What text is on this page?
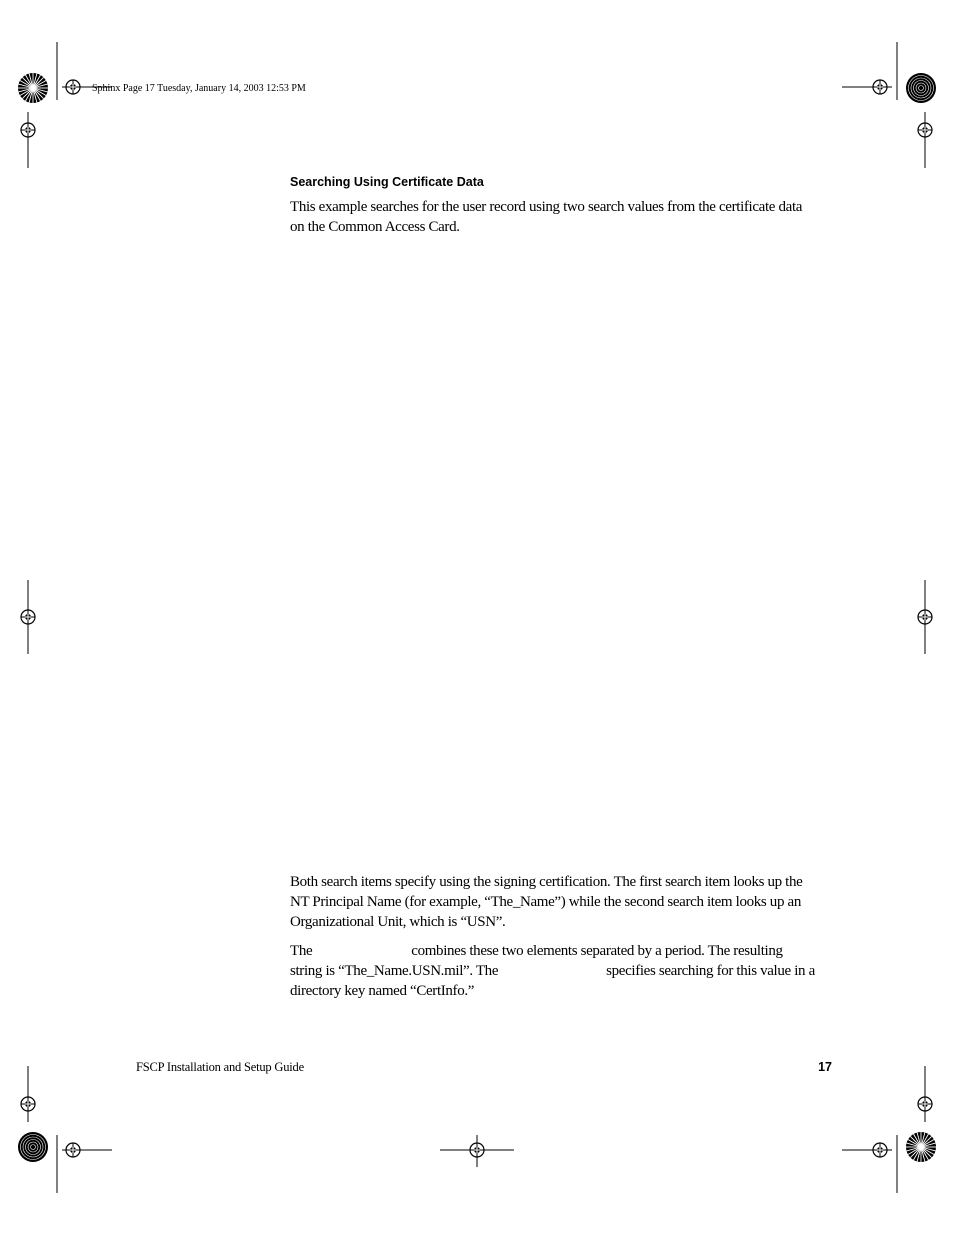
Sphinx Page 17 Tuesday, January 14, 2003 12:53 PM
Searching Using Certificate Data
This example searches for the user record using two search values from the certificate data
on the Common Access Card.
Both search items specify using the signing certification. The first search item looks up the
NT Principal Name (for example, “The_Name”) while the second search item looks up an
Organizational Unit, which is “USN”.
The	combines these two elements separated by a period. The resulting
string is “The_Name.USN.mil”. The	specifies searching for this value in a
directory key named “CertInfo.”
FSCP Installation and Setup Guide	17
